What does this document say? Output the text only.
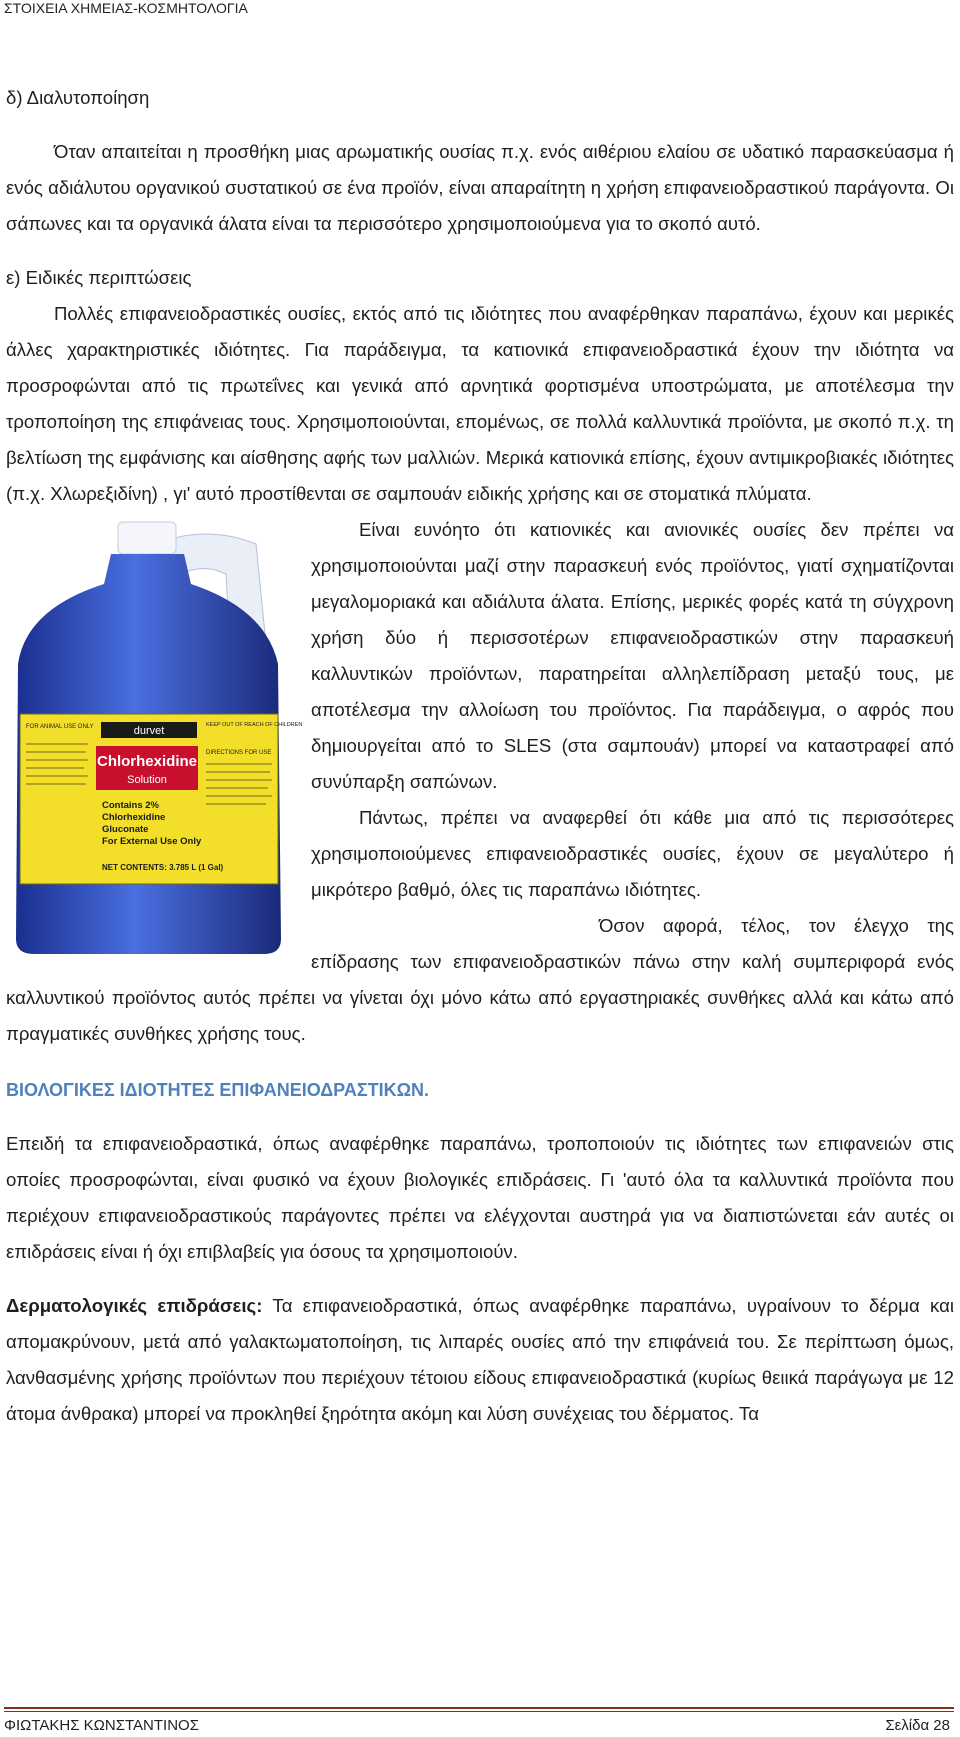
ΣΤΟΙΧΕΙΑ ΧΗΜΕΙΑΣ-ΚΟΣΜΗΤΟΛΟΓΙΑ

δ) Διαλυτοποίηση

Όταν απαιτείται η προσθήκη μιας αρωματικής ουσίας π.χ. ενός αιθέριου ελαίου σε υδατικό παρασκεύασμα ή ενός αδιάλυτου οργανικού συστατικού σε ένα προϊόν, είναι απαραίτητη η χρήση επιφανειοδραστικού παράγοντα. Οι σάπωνες και τα οργανικά άλατα είναι τα περισσότερο χρησιμοποιούμενα για το σκοπό αυτό.

ε) Ειδικές περιπτώσεις

Πολλές επιφανειοδραστικές ουσίες, εκτός από τις ιδιότητες που αναφέρθηκαν παραπάνω, έχουν και μερικές άλλες χαρακτηριστικές ιδιότητες. Για παράδειγμα, τα κατιονικά επιφανειοδραστικά έχουν την ιδιότητα να προσροφώνται από τις πρωτεΐνες και γενικά από αρνητικά φορτισμένα υποστρώματα, με αποτέλεσμα την τροποποίηση της επιφάνειας τους. Χρησιμοποιούνται, επομένως, σε πολλά καλλυντικά προϊόντα, με σκοπό π.χ. τη βελτίωση της εμφάνισης και αίσθησης αφής των μαλλιών. Μερικά κατιονικά επίσης, έχουν αντιμικροβιακές ιδιότητες (π.χ. Χλωρεξιδίνη) , γι' αυτό προστίθενται σε σαμπουάν ειδικής χρήσης και σε στοματικά πλύματα.

durvet
FOR ANIMAL USE ONLY	KEEP OUT OF REACH OF CHILDREN
DIRECTIONS FOR USE
Chlorhexidine
Solution
Contains 2%
Chlorhexidine
Gluconate
For External Use Only
NET CONTENTS: 3.785 L (1 Gal)

Είναι ευνόητο ότι κατιονικές και ανιονικές ουσίες δεν πρέπει να χρησιμοποιούνται μαζί στην παρασκευή ενός προϊόντος, γιατί σχηματίζονται μεγαλομοριακά και αδιάλυτα άλατα. Επίσης, μερικές φορές κατά τη σύγχρονη χρήση δύο ή περισσοτέρων επιφανειοδραστικών στην παρασκευή καλλυντικών προϊόντων, παρατηρείται αλληλεπίδραση μεταξύ τους, με αποτέλεσμα την αλλοίωση του προϊόντος. Για παράδειγμα, ο αφρός που δημιουργείται από το SLES (στα σαμπουάν) μπορεί να καταστραφεί από συνύπαρξη σαπώνων.

Πάντως, πρέπει να αναφερθεί ότι κάθε μια από τις περισσότερες χρησιμοποιούμενες επιφανειοδραστικές ουσίες, έχουν σε μεγαλύτερο ή μικρότερο βαθμό, όλες τις παραπάνω ιδιότητες.

Όσον αφορά, τέλος, τον έλεγχο της επίδρασης των επιφανειοδραστικών πάνω στην καλή συμπεριφορά ενός καλλυντικού προϊόντος αυτός πρέπει να γίνεται όχι μόνο κάτω από εργαστηριακές συνθήκες αλλά και κάτω από πραγματικές συνθήκες χρήσης τους.

ΒΙΟΛΟΓΙΚΕΣ ΙΔΙΟΤΗΤΕΣ ΕΠΙΦΑΝΕΙΟΔΡΑΣΤΙΚΩΝ.

Επειδή τα επιφανειοδραστικά, όπως αναφέρθηκε παραπάνω, τροποποιούν τις ιδιότητες των επιφανειών στις οποίες προσροφώνται, είναι φυσικό να έχουν βιολογικές επιδράσεις. Γι 'αυτό όλα τα καλλυντικά προϊόντα που περιέχουν επιφανειοδραστικούς παράγοντες πρέπει να ελέγχονται αυστηρά για να διαπιστώνεται εάν αυτές οι επιδράσεις είναι ή όχι επιβλαβείς για όσους τα χρησιμοποιούν.

Δερματολογικές επιδράσεις: Τα επιφανειοδραστικά, όπως αναφέρθηκε παραπάνω, υγραίνουν το δέρμα και απομακρύνουν, μετά από γαλακτωματοποίηση, τις λιπαρές ουσίες από την επιφάνειά του. Σε περίπτωση όμως, λανθασμένης χρήσης προϊόντων που περιέχουν τέτοιου είδους επιφανειοδραστικά (κυρίως θειικά παράγωγα με 12 άτομα άνθρακα) μπορεί να προκληθεί ξηρότητα ακόμη και λύση συνέχειας του δέρματος. Τα

ΦΙΩΤΑΚΗΣ ΚΩΝΣΤΑΝΤΙΝΟΣ	Σελίδα 28
